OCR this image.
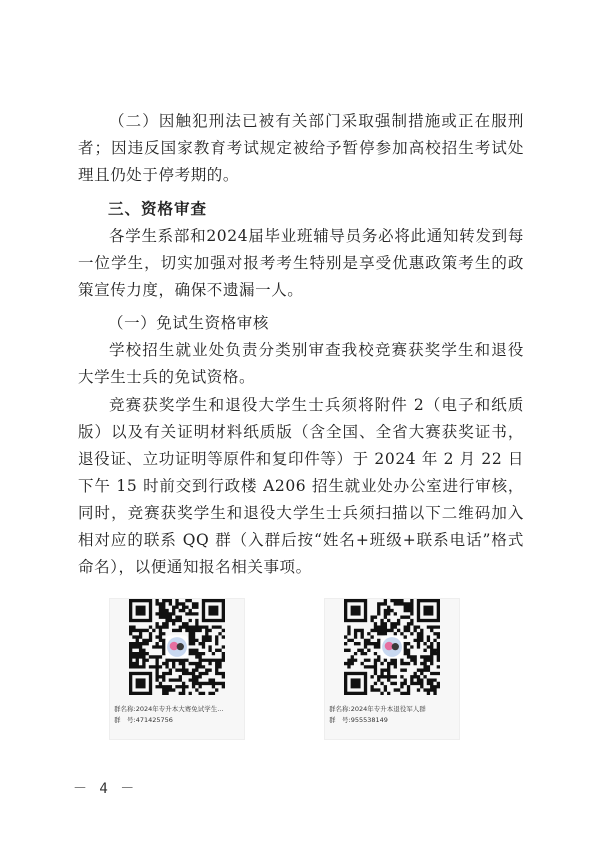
（二）因触犯刑法已被有关部门采取强制措施或正在服刑者；因违反国家教育考试规定被给予暂停参加高校招生考试处理且仍处于停考期的。

三、资格审查

各学生系部和2024届毕业班辅导员务必将此通知转发到每一位学生，切实加强对报考考生特别是享受优惠政策考生的政策宣传力度，确保不遗漏一人。

（一）免试生资格审核

学校招生就业处负责分类别审查我校竞赛获奖学生和退役大学生士兵的免试资格。

竞赛获奖学生和退役大学生士兵须将附件 2（电子和纸质版）以及有关证明材料纸质版（含全国、全省大赛获奖证书，退役证、立功证明等原件和复印件等）于 2024 年 2 月 22 日下午 15 时前交到行政楼 A206 招生就业处办公室进行审核，同时，竞赛获奖学生和退役大学生士兵须扫描以下二维码加入相对应的联系 QQ 群（入群后按“姓名+班级+联系电话”格式命名），以便通知报名相关事项。

群名称:2024年专升本大赛免试学生...
群　号:471425756
群名称:2024年专升本退役军人群
群　号:955538149
－ 4 －
